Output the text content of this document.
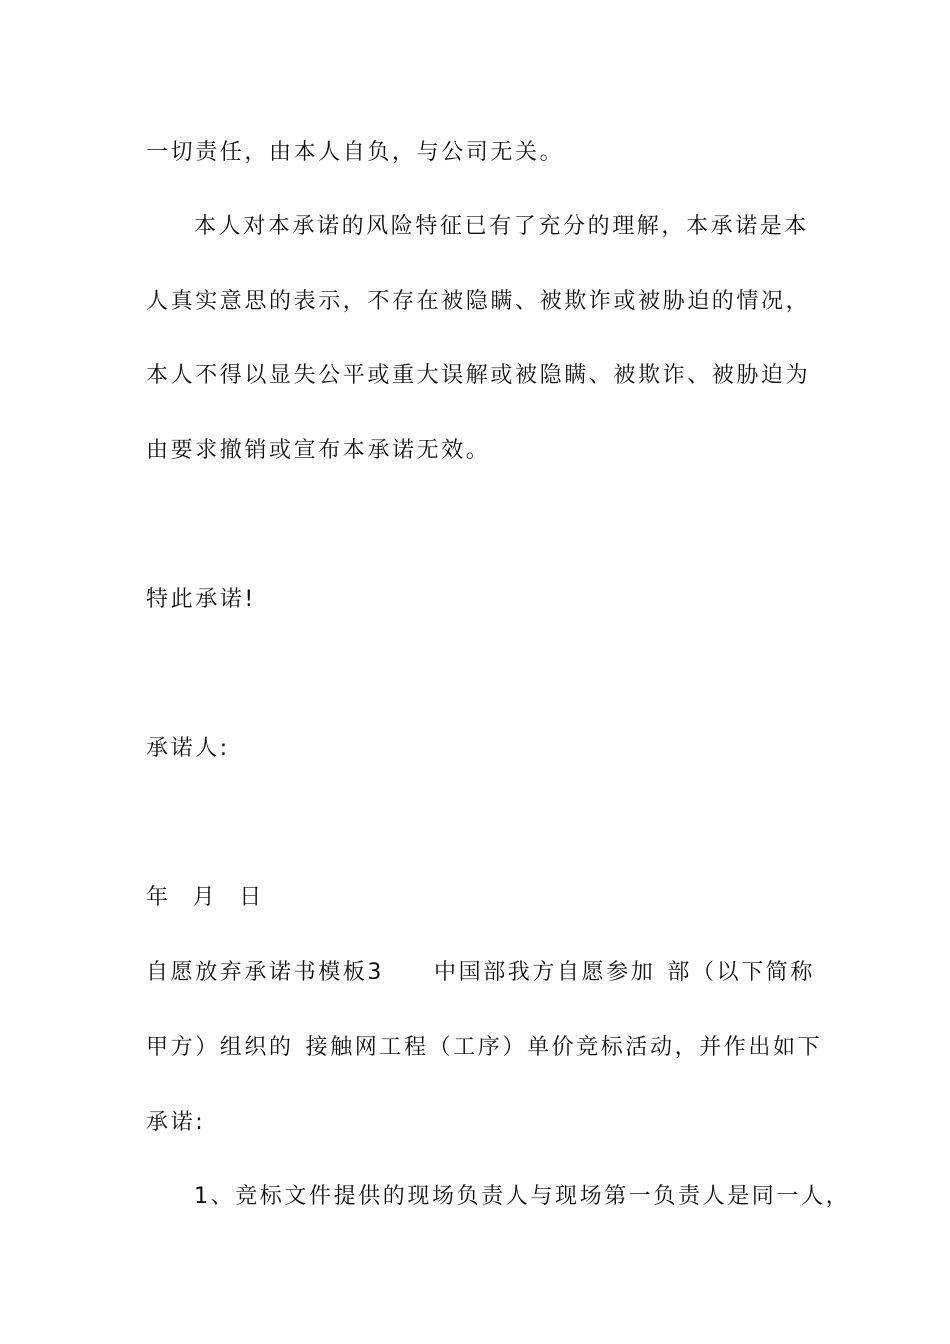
一切责任，由本人自负，与公司无关。
本人对本承诺的风险特征已有了充分的理解，本承诺是本
人真实意思的表示，不存在被隐瞒、被欺诈或被胁迫的情况，
本人不得以显失公平或重大误解或被隐瞒、被欺诈、被胁迫为
由要求撤销或宣布本承诺无效。
特此承诺!
承诺人:
年 月 日
自愿放弃承诺书模板3 中国部我方自愿参加 部（以下简称
甲方）组织的 接触网工程（工序）单价竞标活动，并作出如下
承诺:
1、竞标文件提供的现场负责人与现场第一负责人是同一人，
